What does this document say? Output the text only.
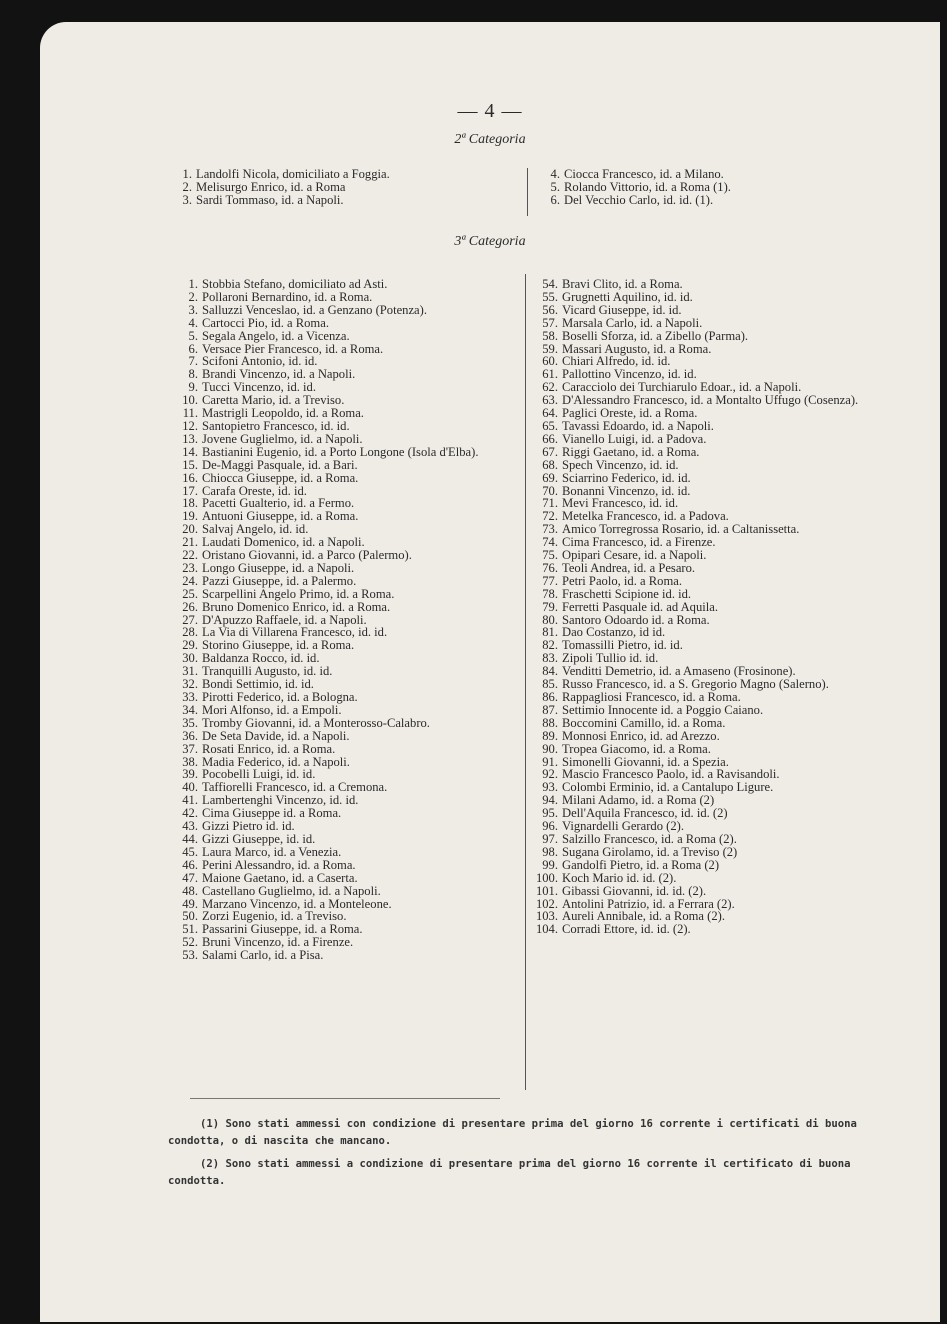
— 4 —
2ª Categoria
1. Landolfi Nicola, domiciliato a Foggia.
2. Melisurgo Enrico, id. a Roma
3. Sardi Tommaso, id. a Napoli.
4. Ciocca Francesco, id. a Milano.
5. Rolando Vittorio, id. a Roma (1).
6. Del Vecchio Carlo, id. id. (1).
3ª Categoria
1. Stobbia Stefano, domiciliato ad Asti.
2. Pollaroni Bernardino, id. a Roma.
3. Salluzzi Venceslao, id. a Genzano (Potenza).
4. Cartocci Pio, id. a Roma.
5. Segala Angelo, id. a Vicenza.
6. Versace Pier Francesco, id. a Roma.
7. Scifoni Antonio, id. id.
8. Brandi Vincenzo, id. a Napoli.
9. Tucci Vincenzo, id. id.
10. Caretta Mario, id. a Treviso.
11. Mastrigli Leopoldo, id. a Roma.
12. Santopietro Francesco, id. id.
13. Jovene Guglielmo, id. a Napoli.
14. Bastianini Eugenio, id. a Porto Longone (Isola d'Elba).
15. De-Maggi Pasquale, id. a Bari.
16. Chiocca Giuseppe, id. a Roma.
17. Carafa Oreste, id. id.
18. Pacetti Gualterio, id. a Fermo.
19. Antuoni Giuseppe, id. a Roma.
20. Salvaj Angelo, id. id.
21. Laudati Domenico, id. a Napoli.
22. Oristano Giovanni, id. a Parco (Palermo).
23. Longo Giuseppe, id. a Napoli.
24. Pazzi Giuseppe, id. a Palermo.
25. Scarpellini Angelo Primo, id. a Roma.
26. Bruno Domenico Enrico, id. a Roma.
27. D'Apuzzo Raffaele, id. a Napoli.
28. La Via di Villarena Francesco, id. id.
29. Storino Giuseppe, id. a Roma.
30. Baldanza Rocco, id. id.
31. Tranquilli Augusto, id. id.
32. Bondi Settimio, id. id.
33. Pirotti Federico, id. a Bologna.
34. Mori Alfonso, id. a Empoli.
35. Tromby Giovanni, id. a Monterosso-Calabro.
36. De Seta Davide, id. a Napoli.
37. Rosati Enrico, id. a Roma.
38. Madia Federico, id. a Napoli.
39. Pocobelli Luigi, id. id.
40. Taffiorelli Francesco, id. a Cremona.
41. Lambertenghi Vincenzo, id. id.
42. Cima Giuseppe id. a Roma.
43. Gizzi Pietro id. id.
44. Gizzi Giuseppe, id. id.
45. Laura Marco, id. a Venezia.
46. Perini Alessandro, id. a Roma.
47. Maione Gaetano, id. a Caserta.
48. Castellano Guglielmo, id. a Napoli.
49. Marzano Vincenzo, id. a Monteleone.
50. Zorzi Eugenio, id. a Treviso.
51. Passarini Giuseppe, id. a Roma.
52. Bruni Vincenzo, id. a Firenze.
53. Salami Carlo, id. a Pisa.
54. Bravi Clito, id. a Roma.
55. Grugnetti Aquilino, id. id.
56. Vicard Giuseppe, id. id.
57. Marsala Carlo, id. a Napoli.
58. Boselli Sforza, id. a Zibello (Parma).
59. Massari Augusto, id. a Roma.
60. Chiari Alfredo, id. id.
61. Pallottino Vincenzo, id. id.
62. Caracciolo dei Turchiarulo Edoar., id. a Napoli.
63. D'Alessandro Francesco, id. a Montalto Uffugo (Cosenza).
64. Paglici Oreste, id. a Roma.
65. Tavassi Edoardo, id. a Napoli.
66. Vianello Luigi, id. a Padova.
67. Riggi Gaetano, id. a Roma.
68. Spech Vincenzo, id. id.
69. Sciarrino Federico, id. id.
70. Bonanni Vincenzo, id. id.
71. Mevi Francesco, id. id.
72. Metelka Francesco, id. a Padova.
73. Amico Torregrossa Rosario, id. a Caltanissetta.
74. Cima Francesco, id. a Firenze.
75. Opipari Cesare, id. a Napoli.
76. Teoli Andrea, id. a Pesaro.
77. Petri Paolo, id. a Roma.
78. Fraschetti Scipione id. id.
79. Ferretti Pasquale id. ad Aquila.
80. Santoro Odoardo id. a Roma.
81. Dao Costanzo, id id.
82. Tomassilli Pietro, id. id.
83. Zipoli Tullio id. id.
84. Venditti Demetrio, id. a Amaseno (Frosinone).
85. Russo Francesco, id. a S. Gregorio Magno (Salerno).
86. Rappagliosi Francesco, id. a Roma.
87. Settimio Innocente id. a Poggio Caiano.
88. Boccomini Camillo, id. a Roma.
89. Monnosi Enrico, id. ad Arezzo.
90. Tropea Giacomo, id. a Roma.
91. Simonelli Giovanni, id. a Spezia.
92. Mascio Francesco Paolo, id. a Ravisandoli.
93. Colombi Erminio, id. a Cantalupo Ligure.
94. Milani Adamo, id. a Roma (2)
95. Dell'Aquila Francesco, id. id. (2)
96. Vignardelli Gerardo (2).
97. Salzillo Francesco, id. a Roma (2).
98. Sugana Girolamo, id. a Treviso (2)
99. Gandolfi Pietro, id. a Roma (2)
100. Koch Mario id. id. (2).
101. Gibassi Giovanni, id. id. (2).
102. Antolini Patrizio, id. a Ferrara (2).
103. Aureli Annibale, id. a Roma (2).
104. Corradi Ettore, id. id. (2).
(1) Sono stati ammessi con condizione di presentare prima del giorno 16 corrente i certificati di buona condotta, o di nascita che mancano.
(2) Sono stati ammessi a condizione di presentare prima del giorno 16 corrente il certificato di buona condotta.
